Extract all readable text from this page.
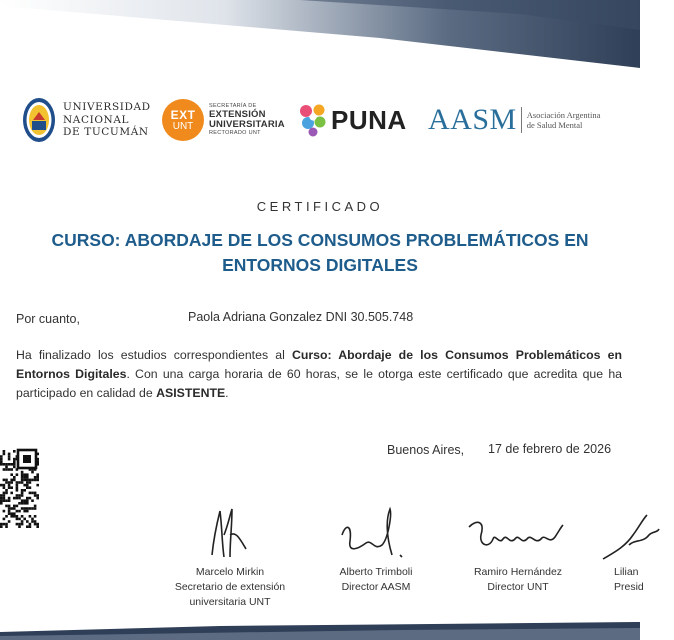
UNIVERSIDAD
NACIONAL
DE TUCUMÁN
EXT
UNT
SECRETARÍA DE
EXTENSIÓN
UNIVERSITARIA
RECTORADO UNT	PUNA AASM Asociación Argentina
de Salud Mental
CERTIFICADO
CURSO: ABORDAJE DE LOS CONSUMOS PROBLEMÁTICOS EN ENTORNOS DIGITALES
Por cuanto,	Paola Adriana Gonzalez DNI 30.505.748
Ha finalizado los estudios correspondientes al Curso: Abordaje de los Consumos Problemáticos en Entornos Digitales. Con una carga horaria de 60 horas, se le otorga este certificado que acredita que ha participado en calidad de ASISTENTE.
Buenos Aires, 17 de febrero de 2026
Marcelo Mirkin
Secretario de extensión
universitaria UNT
Alberto Trimboli
Director AASM
Ramiro Hernández
Director UNT
Lilian
Presid
